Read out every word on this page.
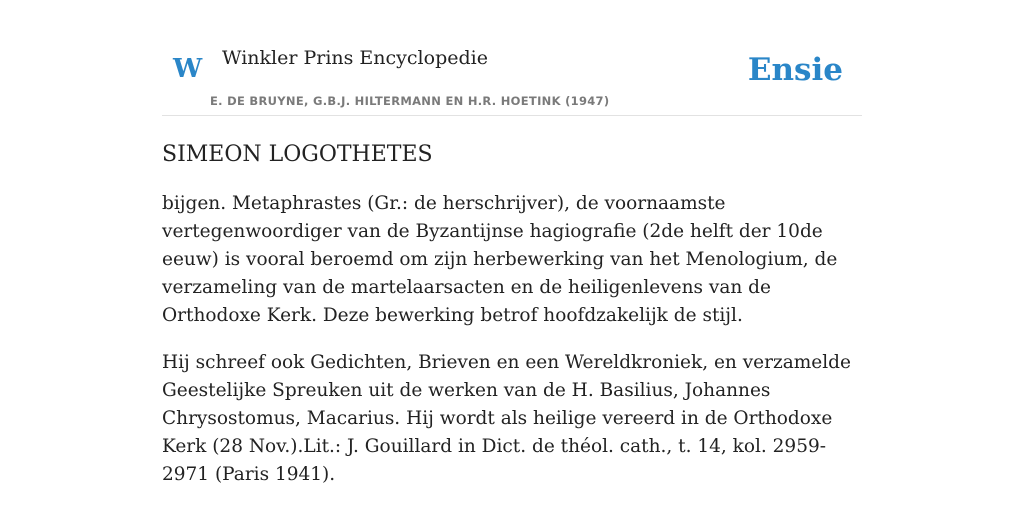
W Winkler Prins Encyclopedie
E. DE BRUYNE, G.B.J. HILTERMANN EN H.R. HOETINK (1947)
Ensie
SIMEON LOGOTHETES

bijgen. Metaphrastes (Gr.: de herschrijver), de voornaamste vertegenwoordiger van de Byzantijnse hagiografie (2de helft der 10de eeuw) is vooral beroemd om zijn herbewerking van het Menologium, de verzameling van de martelaarsacten en de heiligenlevens van de Orthodoxe Kerk. Deze bewerking betrof hoofdzakelijk de stijl.

Hij schreef ook Gedichten, Brieven en een Wereldkroniek, en verzamelde Geestelijke Spreuken uit de werken van de H. Basilius, Johannes Chrysostomus, Macarius. Hij wordt als heilige vereerd in de Orthodoxe Kerk (28 Nov.).Lit.: J. Gouillard in Dict. de théol. cath., t. 14, kol. 2959-2971 (Paris 1941).
